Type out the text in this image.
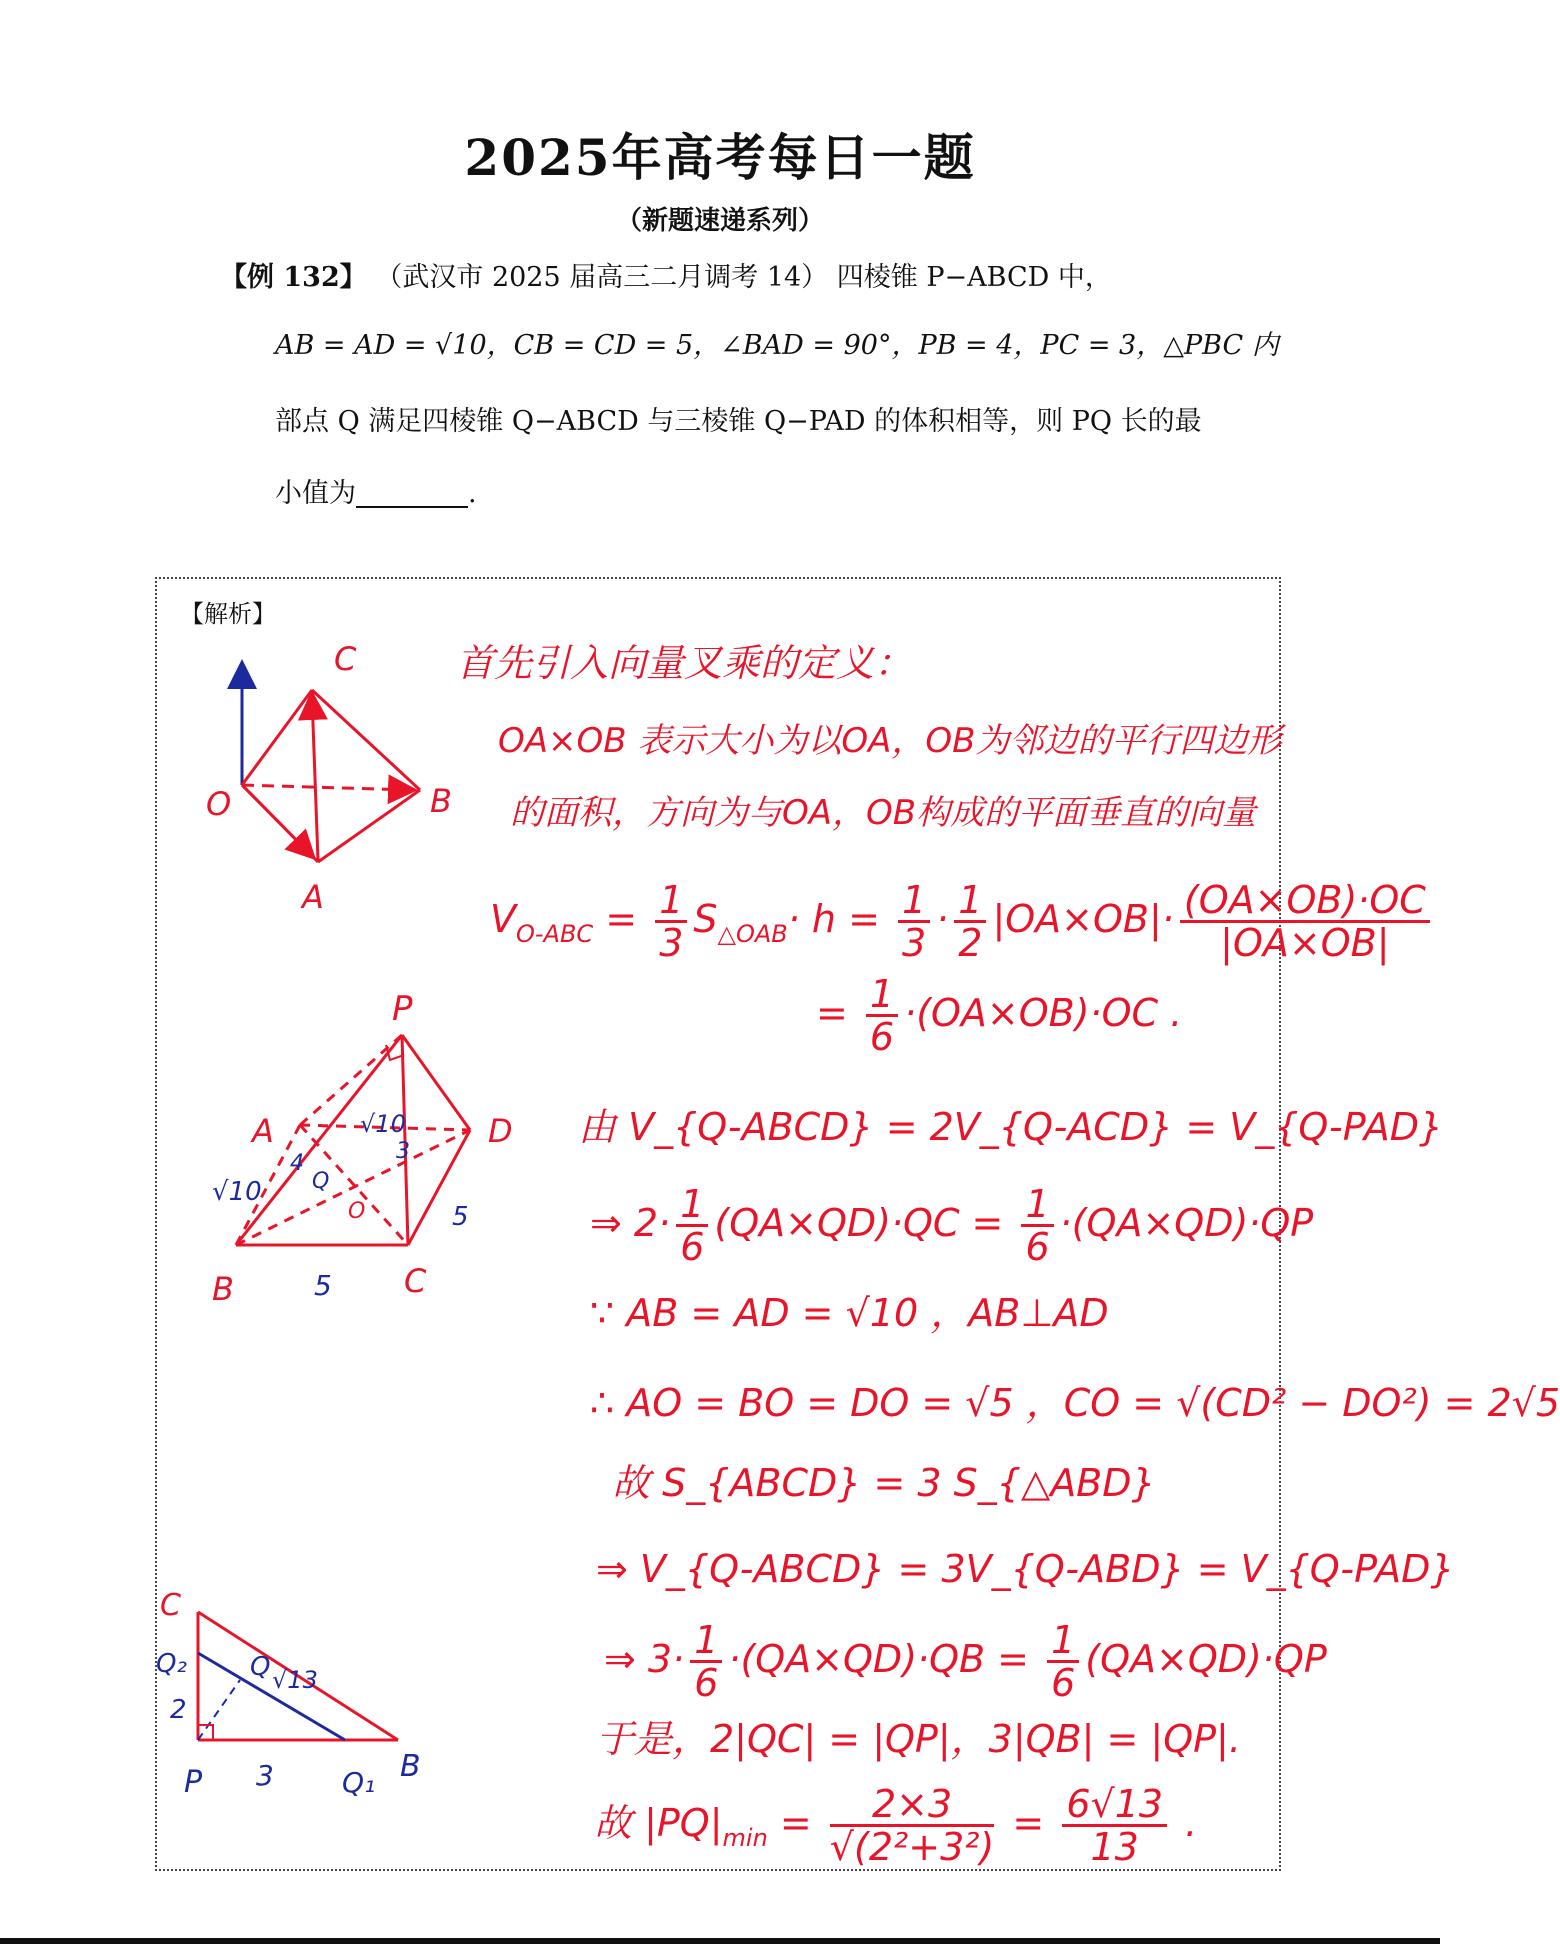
2025年高考每日一题
（新题速递系列）
【例 132】 （武汉市 2025 届高三二月调考 14） 四棱锥 P−ABCD 中，
AB = AD = √10，CB = CD = 5，∠BAD = 90°，PB = 4，PC = 3，△PBC 内
部点 Q 满足四棱锥 Q−ABCD 与三棱锥 Q−PAD 的体积相等，则 PQ 长的最
小值为	.
【解析】
C
O	B
A
P
A	D
B	C
Q
O
√10
√10
5
5
3
4
C
Q₂ Q √13
2
P 3 Q₁ B
首先引入向量叉乘的定义：
OA×OB 表示大小为以OA，OB为邻边的平行四边形
的面积，方向为与OA，OB构成的平面垂直的向量
$V_{O-ABC} = \frac{1}{3} S_{\triangle OAB}\cdot h = \frac{1}{3} \cdot \frac{1}{2} |OA\times OB|\cdot \frac{(OA\times OB)\cdot OC}{|OA\times OB|}$
= $\frac{1}{6} \cdot(OA\times OB)\cdot OC$ .
由 V_{Q-ABCD} = 2V_{Q-ACD} = V_{Q-PAD}
⇒ $2\cdot \frac{1}{6} (QA\times QD)\cdot QC = \frac{1}{6} \cdot(QA\times QD)\cdot QP$
∵ AB = AD = √10 ，AB⊥AD
∴ AO = BO = DO = √5 ，CO = √(CD² − DO²) = 2√5
故 S_{ABCD} = 3 S_{△ABD}
⇒ V_{Q-ABCD} = 3V_{Q-ABD} = V_{Q-PAD}
⇒ $3\cdot \frac{1}{6} \cdot(QA\times QD)\cdot QB = \frac{1}{6} (QA\times QD)\cdot QP$
于是，2|QC| = |QP|，3|QB| = |QP|.
故 $|PQ|_{min} = \frac{2\times 3}{\text{√(2²+3²)}} = \frac{6√13}{13}$ .
